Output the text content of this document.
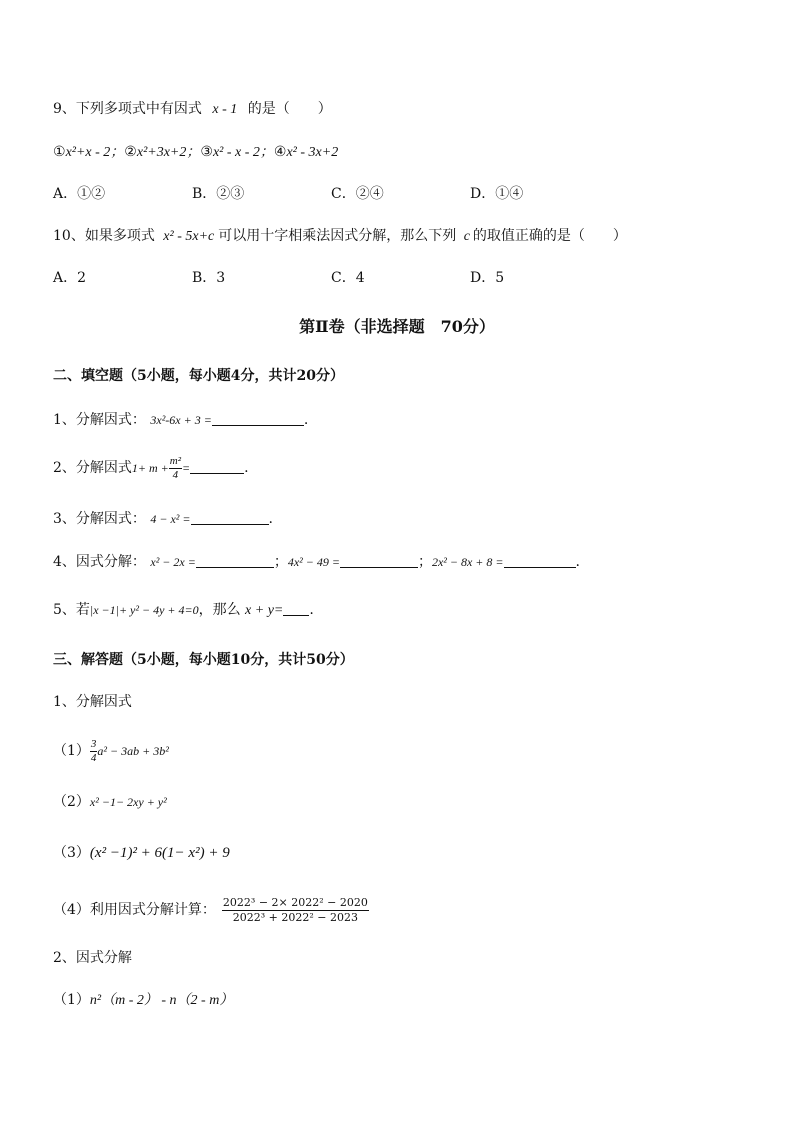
9、下列多项式中有因式 x - 1 的是（　　）
①x²+x - 2；②x²+3x+2；③x² - x - 2；④x² - 3x+2
A．①②	B．②③	C．②④	D．①④
10、如果多项式 x² - 5x+c 可以用十字相乘法因式分解，那么下列 c 的取值正确的是（　　）
A．2	B．3	C．4	D．5
第Ⅱ卷（非选择题　70分）
二、填空题（5小题，每小题4分，共计20分）
1、分解因式： 3x²-6x + 3 =	.
2、分解因式$1+ m + \frac{\text{m²}}{4}$ =	.
3、分解因式： 4 − x² =	.
4、因式分解： x² − 2x =	；4x² − 49 =	；2x² − 8x + 8 =	.
5、若|x −1|+ y² − 4y + 4=0，那么 x + y= .
三、解答题（5小题，每小题10分，共计50分）
1、分解因式
$(1) \frac{3}{4} a^2 - 3ab + 3b^2$
（2）x² −1− 2xy + y²
（3）(x² −1)² + 6(1− x²) + 9
（4）利用因式分解计算： $\frac{\text{2022³ − 2× 2022² − 2020}}{\text{2022³ + 2022² − 2023}}$
2、因式分解
（1）n²（m - 2） - n（2 - m）
